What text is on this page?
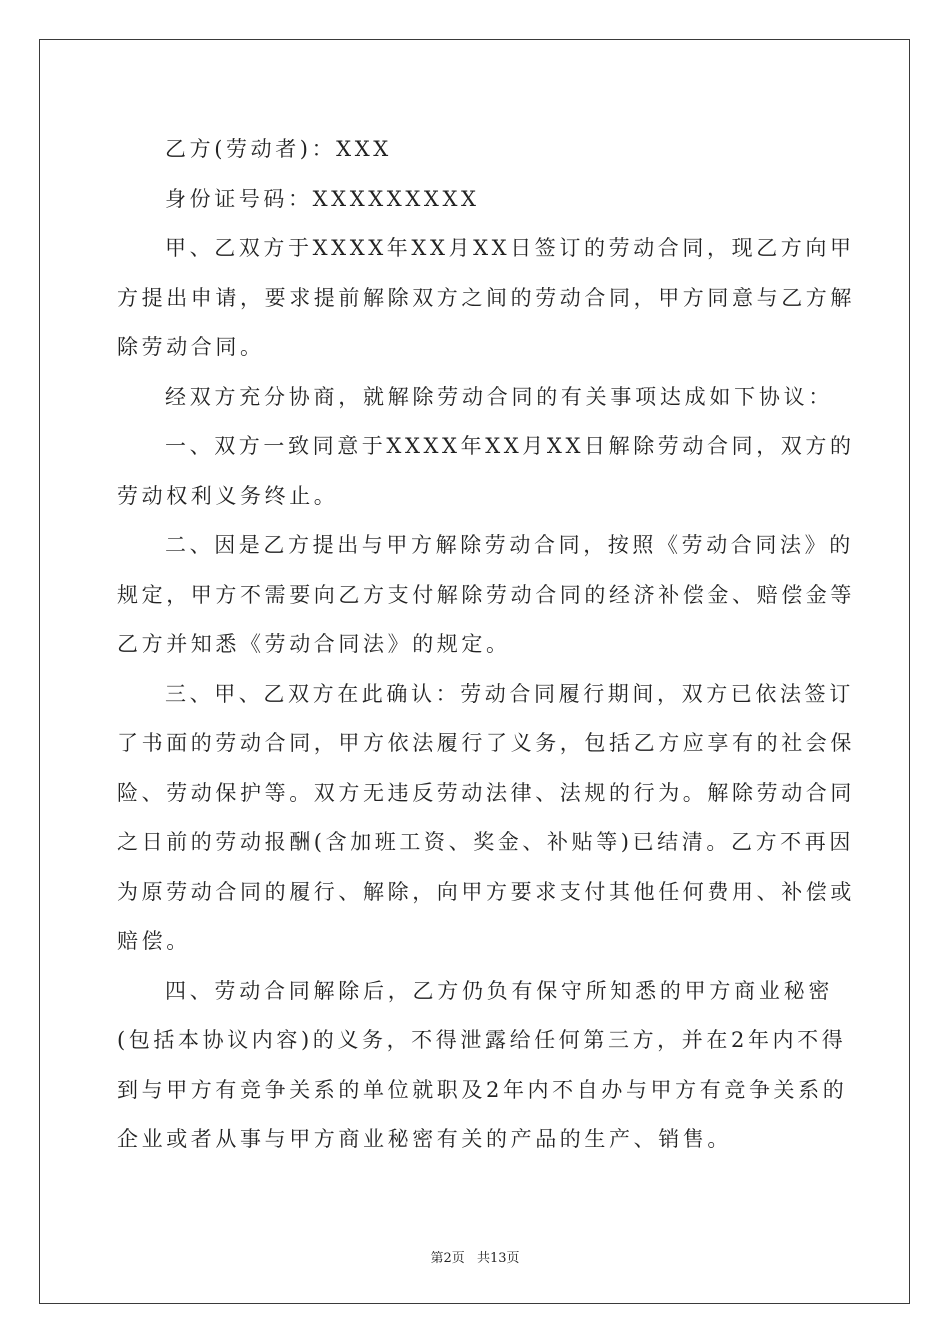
乙方(劳动者)：XXX
身份证号码：XXXXXXXXX
甲、乙双方于XXXX年XX月XX日签订的劳动合同，现乙方向甲
方提出申请，要求提前解除双方之间的劳动合同，甲方同意与乙方解
除劳动合同。
经双方充分协商，就解除劳动合同的有关事项达成如下协议：
一、双方一致同意于XXXX年XX月XX日解除劳动合同，双方的
劳动权利义务终止。
二、因是乙方提出与甲方解除劳动合同，按照《劳动合同法》的
规定，甲方不需要向乙方支付解除劳动合同的经济补偿金、赔偿金等
乙方并知悉《劳动合同法》的规定。
三、甲、乙双方在此确认：劳动合同履行期间，双方已依法签订
了书面的劳动合同，甲方依法履行了义务，包括乙方应享有的社会保
险、劳动保护等。双方无违反劳动法律、法规的行为。解除劳动合同
之日前的劳动报酬(含加班工资、奖金、补贴等)已结清。乙方不再因
为原劳动合同的履行、解除，向甲方要求支付其他任何费用、补偿或
赔偿。
四、劳动合同解除后，乙方仍负有保守所知悉的甲方商业秘密
(包括本协议内容)的义务，不得泄露给任何第三方，并在2年内不得
到与甲方有竞争关系的单位就职及2年内不自办与甲方有竞争关系的
企业或者从事与甲方商业秘密有关的产品的生产、销售。
第2页 共13页
